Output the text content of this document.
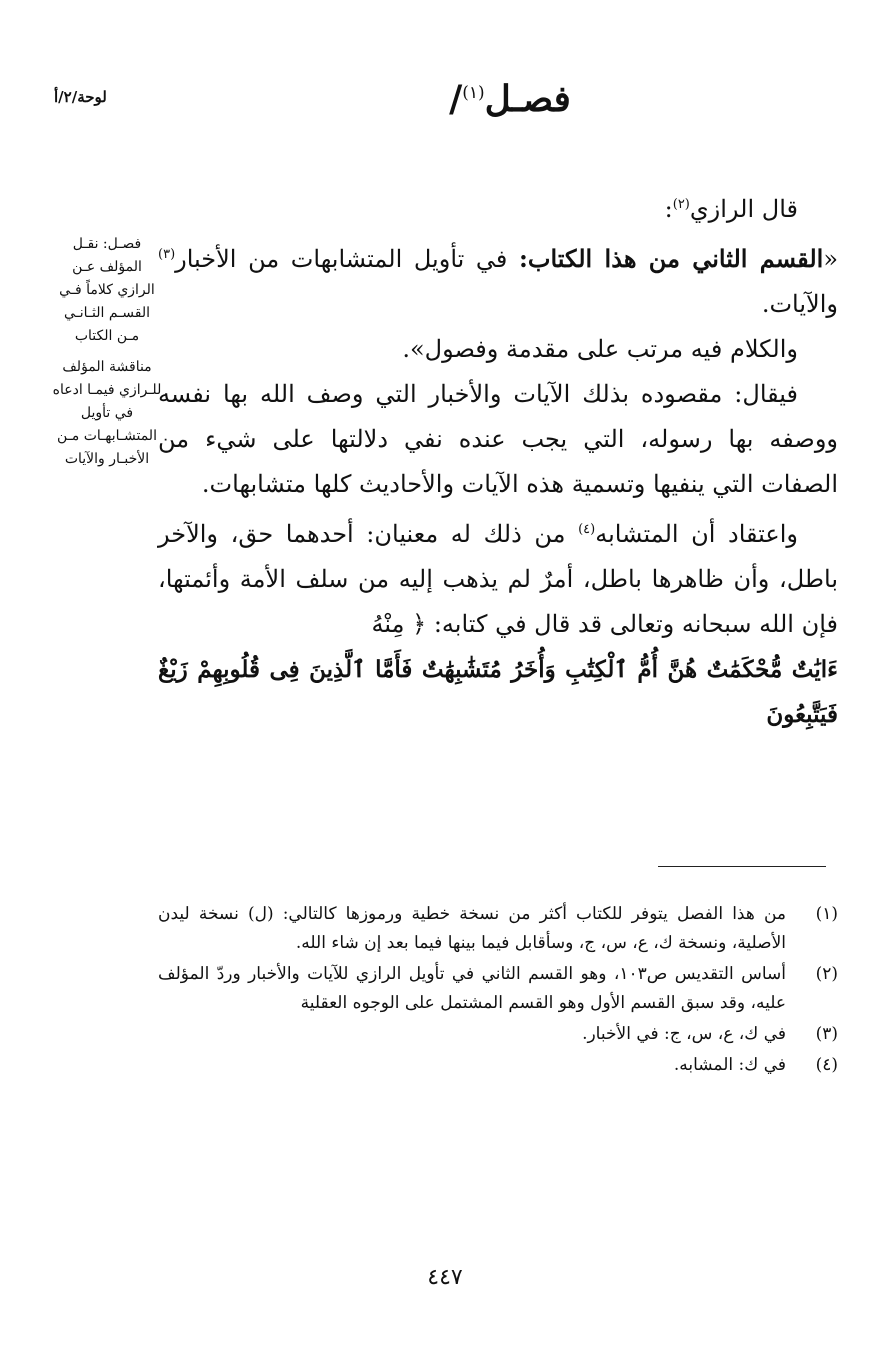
لوحة/٢/أ	فصـل$^{(١)}$/

قال الرازي$^{(٢)}$:

«القسم الثاني من هذا الكتاب: في تأويل المتشابهات من الأخبار$^{(٣)}$ والآيات.

والكلام فيه مرتب على مقدمة وفصول».

فيقال: مقصوده بذلك الآيات والأخبار التي وصف الله بها نفسه ووصفه بها رسوله، التي يجب عنده نفي دلالتها على شيء من الصفات التي ينفيها وتسمية هذه الآيات والأحاديث كلها متشابهات.

واعتقاد أن المتشابه$^{(٤)}$ من ذلك له معنيان: أحدهما حق، والآخر باطل، وأن ظاهرها باطل، أمرٌ لم يذهب إليه من سلف الأمة وأئمتها، فإن الله سبحانه وتعالى قد قال في كتابه: ﴿ مِنْهُ

ءَايَٰتٌ مُّحْكَمَٰتٌ هُنَّ أُمُّ ٱلْكِتَٰبِ وَأُخَرُ مُتَشَٰبِهَٰتٌ فَأَمَّا ٱلَّذِينَ فِى قُلُوبِهِمْ زَيْغٌ فَيَتَّبِعُونَ

فصـل: نقـل المؤلف عـن الرازي كلاماً فـي القسـم الثـانـي مـن الكتاب
مناقشة المؤلف للـرازي فيمـا ادعاه في تأويل المتشـابهـات مـن الأخبـار والآيات
(١)
من هذا الفصل يتوفر للكتاب أكثر من نسخة خطية ورموزها كالتالي: (ل) نسخة ليدن الأصلية، ونسخة ك، ع، س، ج، وسأقابل فيما بينها فيما بعد إن شاء الله.
(٢)
أساس التقديس ص١٠٣، وهو القسم الثاني في تأويل الرازي للآيات والأخبار وردّ المؤلف عليه، وقد سبق القسم الأول وهو القسم المشتمل على الوجوه العقلية
(٣)
في ك، ع، س، ج: في الأخبار.
(٤)
في ك: المشابه.
٤٤٧
